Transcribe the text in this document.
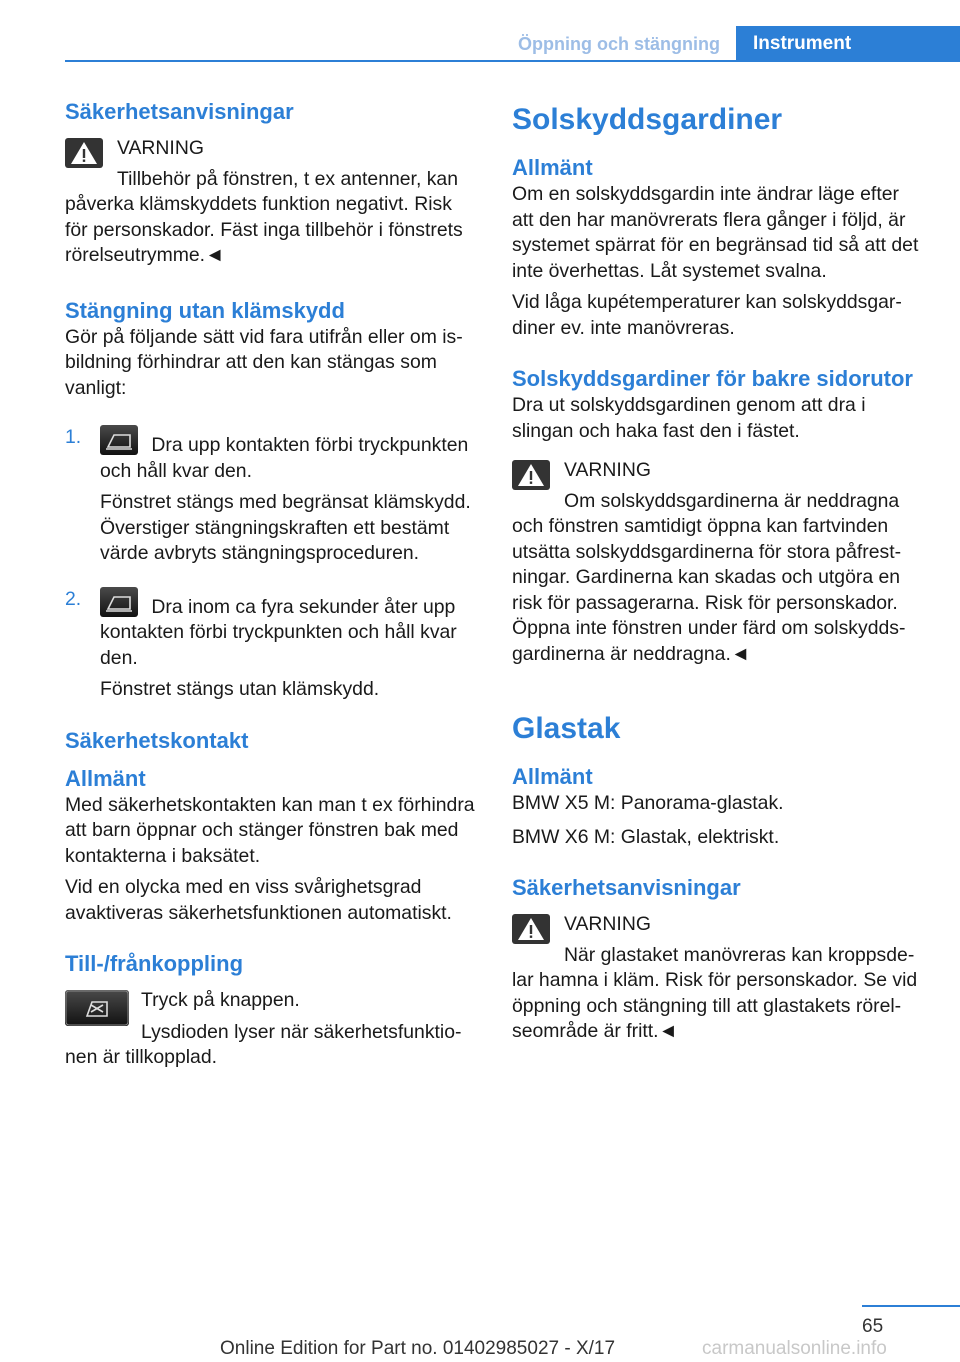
Öppning och stängning	Instrument
Säkerhetsanvisningar

VARNING

Tillbehör på fönstren, t ex antenner, kan påverka klämskyddets funktion negativt. Risk för personskador. Fäst inga tillbehör i fönstrets rörelseutrymme.◄

Stängning utan klämskydd

Gör på följande sätt vid fara utifrån eller om isbildning förhindrar att den kan stängas som vanligt:

1.	Dra upp kontakten förbi tryckpunkten och håll kvar den.

Fönstret stängs med begränsat klämskydd. Överstiger stängningskraften ett bestämt värde avbryts stängningsproceduren.

2.	Dra inom ca fyra sekunder åter upp kontakten förbi tryckpunkten och håll kvar den.

Fönstret stängs utan klämskydd.

Säkerhetskontakt
Allmänt

Med säkerhetskontakten kan man t ex förhindra att barn öppnar och stänger fönstren bak med kontakterna i baksätet.

Vid en olycka med en viss svårighetsgrad avaktiveras säkerhetsfunktionen automatiskt.

Till-/frånkoppling

Tryck på knappen.

Lysdioden lyser när säkerhetsfunktionen är tillkopplad.

Solskyddsgardiner
Allmänt

Om en solskyddsgardin inte ändrar läge efter att den har manövrerats flera gånger i följd, är systemet spärrat för en begränsad tid så att det inte överhettas. Låt systemet svalna.

Vid låga kupétemperaturer kan solskyddsgardiner ev. inte manövreras.

Solskyddsgardiner för bakre sidorutor

Dra ut solskyddsgardinen genom att dra i slingan och haka fast den i fästet.

VARNING

Om solskyddsgardinerna är neddragna och fönstren samtidigt öppna kan fartvinden utsätta solskyddsgardinerna för stora påfrestningar. Gardinerna kan skadas och utgöra en risk för passagerarna. Risk för personskador. Öppna inte fönstren under färd om solskyddsgardinerna är neddragna.◄

Glastak
Allmänt

BMW X5 M: Panorama-glastak.

BMW X6 M: Glastak, elektriskt.

Säkerhetsanvisningar

VARNING

När glastaket manövreras kan kroppsdelar hamna i kläm. Risk för personskador. Se vid öppning och stängning till att glastakets rörelseområde är fritt.◄

65
Online Edition for Part no. 01402985027 - X/17	carmanualsonline.info
